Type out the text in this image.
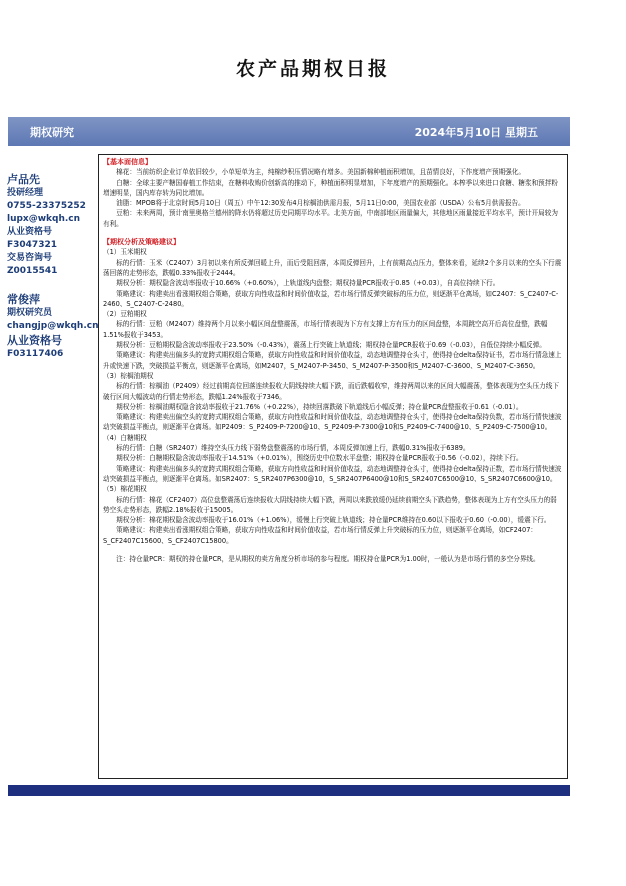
农产品期权日报
期权研究	2024年5月10日 星期五
卢品先
投研经理
0755-23375252
lupx@wkqh.cn
从业资格号
F3047321
交易咨询号
Z0015541
常俊萍
期权研究员
changjp@wkqh.cn
从业资格号
F03117406

【基本面信息】

　　棉花：当前纺织企业订单依旧较少，小单短单为主，纯棉纱积压情况略有增多。美国新棉种植面积增加，且苗情良好，下作度增产预期强化。

　　白糖：全球主要产糖国春植工作结束，在糖料收购价创新高的推动下，种植面积明显增加，下年度增产的预期强化。本榨季以来进口食糖、糖浆和预拌粉增速明显，国内库存转为同比增加。

　　油脂：MPOB将于北京时间5月10日（周五）中午12:30发布4月棕榈油供需月报，5月11日0:00，美国农业部（USDA）公布5月供需报告。

　　豆粕：未来两周，预计南里奥格兰德州的降水仍将超过历史同期平均水平。北美方面，中南部地区雨量偏大，其他地区雨量接近平均水平，预计开局较为有利。

【期权分析及策略建议】

（1）玉米期权

　　标的行情：玉米（C2407）3月初以来有所反弹回暖上升，而后受阻回落，本周反弹回升，上有前期高点压力，整体来看，延续2个多月以来的空头下行震荡回落的走势形态，跌幅0.33%报收于2444。

　　期权分析：期权隐含波动率报收于10.66%（+0.60%），上轨道线内盘整；期权持量PCR报收于0.85（+0.03），自高位持续下行。

　　策略建议：构建卖出看涨期权组合策略，获取方向性收益和时间价值收益，若市场行情反弹突破标的压力位，则逐渐平仓离场，如C2407：S_C2407-C-2460、S_C2407-C-2480。

（2）豆粕期权

　　标的行情：豆粕（M2407）维持两个月以来小幅区间盘整震荡，市场行情表现为下方有支撑上方有压力的区间盘整，本周跳空高开后高位盘整，跌幅1.51%报收于3453。

　　期权分析：豆粕期权隐含波动率报收于23.50%（-0.43%），震荡上行突破上轨道线；期权持仓量PCR报收于0.69（-0.03），自低位持续小幅反弹。

　　策略建议：构建卖出偏多头的宽跨式期权组合策略，获取方向性收益和时间价值收益，动态地调整持仓头寸，使得持仓delta保持证书，若市场行情急速上升或快速下跌，突破损益平衡点，则逐渐平仓离场，如M2407，S_M2407-P-3450、S_M2407-P-3500和S_M2407-C-3600、S_M2407-C-3650。

（3）棕榈油期权

　　标的行情：棕榈油（P2409）经过前期高位回落连续报收大阴线持续大幅下跌，而后跌幅收窄，维持两周以来的区间大幅震荡，整体表现为空头压力线下破行区间大幅波动的行情走势形态，跌幅1.24%报收于7346。

　　期权分析：棕榈油期权隐含波动率报收于21.76%（+0.22%），持续回落跌破下轨道线后小幅反弹；持仓量PCR盘整报收于0.61（-0.01）。

　　策略建议：构建卖出偏空头的宽跨式期权组合策略，获取方向性收益和时间价值收益，动态地调整持仓头寸，使得持仓delta保持负数，若市场行情快速波动突破损益平衡点，则逐渐平仓离场。如P2409：S_P2409-P-7200@10、S_P2409-P-7300@10和S_P2409-C-7400@10、S_P2409-C-7500@10。

（4）白糖期权

　　标的行情：白糖（SR2407）维持空头压力线下弱势盘整震荡的市场行情，本周反弹加速上行，跌幅0.31%报收于6389。

　　期权分析：白糖期权隐含波动率报收于14.51%（+0.01%），围绕历史中位数水平盘整；期权持仓量PCR报收于0.56（-0.02），持续下行。

　　策略建议：构建卖出偏多头的宽跨式期权组合策略，获取方向性收益和时间价值收益，动态地调整持仓头寸，使得持仓delta保持正数，若市场行情快速波动突破损益平衡点，则逐渐平仓离场。如SR2407：S_SR2407P6300@10，S_SR2407P6400@10和S_SR2407C6500@10、S_SR2407C6600@10。

（5）棉花期权

　　标的行情：棉花（CF2407）高位盘整震荡后连续报收大阴线持续大幅下跌，两周以来跌放缓仍延续前期空头下跌趋势，整体表现为上方有空头压力的弱势空头走势形态，跌幅2.18%报收于15005。

　　期权分析：棉花期权隐含波动率报收于16.01%（+1.06%），缓慢上行突破上轨道线；持仓量PCR维持在0.60以下报收于0.60（-0.00），缓震下行。

　　策略建议：构建卖出看涨期权组合策略，获取方向性收益和时间价值收益，若市场行情反弹上升突破标的压力位，则逐渐平仓离场，如CF2407：S_CF2407C15600、S_CF2407C15800。

　　注：持仓量PCR：期权的持仓量PCR，是从期权的卖方角度分析市场的参与程度。期权持仓量PCR为1.00时，一般认为是市场行情的多空分界线。
